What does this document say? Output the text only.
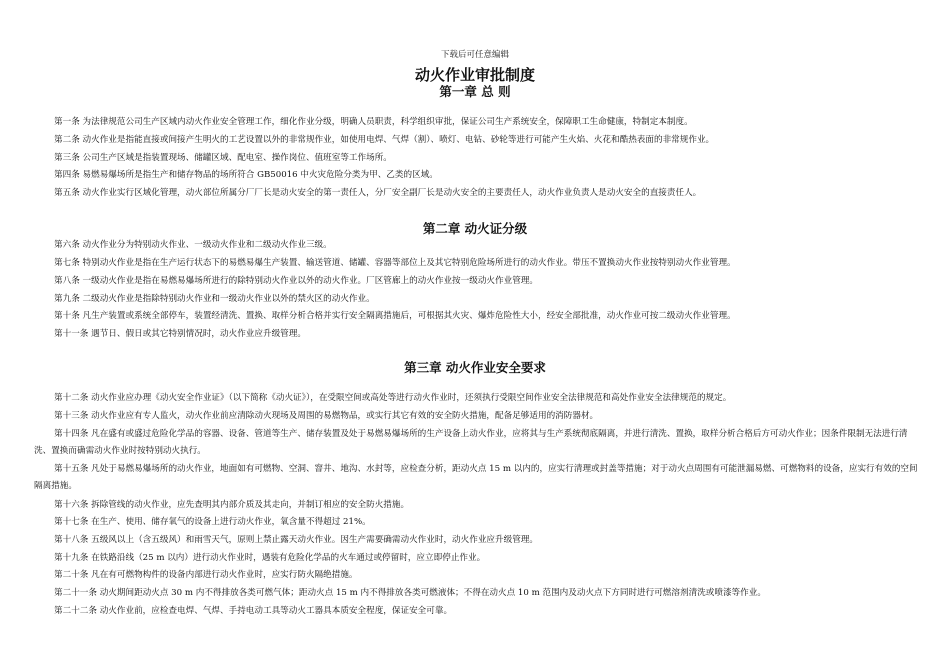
下载后可任意编辑
动火作业审批制度
第一章 总 则

第一条 为法律规范公司生产区域内动火作业安全管理工作，细化作业分级，明确人员职责，科学组织审批，保证公司生产系统安全，保障职工生命健康，特制定本制度。

第二条 动火作业是指能直接或间接产生明火的工艺设置以外的非常规作业，如使用电焊、气焊（割）、喷灯、电钻、砂轮等进行可能产生火焰、火花和酷热表面的非常规作业。

第三条 公司生产区域是指装置现场、储罐区域、配电室、操作岗位、值班室等工作场所。

第四条 易燃易爆场所是指生产和储存物品的场所符合 GB50016 中火灾危险分类为甲、乙类的区域。

第五条 动火作业实行区域化管理，动火部位所属分厂厂长是动火安全的第一责任人，分厂安全副厂长是动火安全的主要责任人，动火作业负责人是动火安全的直接责任人。

第二章 动火证分级

第六条 动火作业分为特别动火作业、一级动火作业和二级动火作业三级。

第七条 特别动火作业是指在生产运行状态下的易燃易爆生产装置、输送管道、储罐、容器等部位上及其它特别危险场所进行的动火作业。带压不置换动火作业按特别动火作业管理。

第八条 一级动火作业是指在易燃易爆场所进行的除特别动火作业以外的动火作业。厂区管廊上的动火作业按一级动火作业管理。

第九条 二级动火作业是指除特别动火作业和一级动火作业以外的禁火区的动火作业。

第十条 凡生产装置或系统全部停车，装置经清洗、置换、取样分析合格并实行安全隔离措施后，可根据其火灾、爆炸危险性大小，经安全部批准，动火作业可按二级动火作业管理。

第十一条 遇节日、假日或其它特别情况时，动火作业应升级管理。

第三章 动火作业安全要求

第十二条 动火作业应办理《动火安全作业证》（以下简称《动火证》），在受限空间或高处等进行动火作业时，还须执行受限空间作业安全法律规范和高处作业安全法律规范的规定。

第十三条 动火作业应有专人监火，动火作业前应清除动火现场及周围的易燃物品，或实行其它有效的安全防火措施，配备足够适用的消防器材。

第十四条 凡在盛有或盛过危险化学品的容器、设备、管道等生产、储存装置及处于易燃易爆场所的生产设备上动火作业，应将其与生产系统彻底隔离，并进行清洗、置换，取样分析合格后方可动火作业；因条件限制无法进行清洗、置换而确需动火作业时按特别动火执行。

第十五条 凡处于易燃易爆场所的动火作业，地面如有可燃物、空洞、窨井、地沟、水封等，应检查分析，距动火点 15 m 以内的，应实行清理或封盖等措施；对于动火点周围有可能泄漏易燃、可燃物料的设备，应实行有效的空间隔离措施。

第十六条 拆除管线的动火作业，应先查明其内部介质及其走向，并制订相应的安全防火措施。

第十七条 在生产、使用、储存氧气的设备上进行动火作业，氧含量不得超过 21%。

第十八条 五级风以上（含五级风）和雨雪天气，原则上禁止露天动火作业。因生产需要确需动火作业时，动火作业应升级管理。

第十九条 在铁路沿线（25 m 以内）进行动火作业时，遇装有危险化学品的火车通过或停留时，应立即停止作业。

第二十条 凡在有可燃物构件的设备内部进行动火作业时，应实行防火隔绝措施。

第二十一条 动火期间距动火点 30 m 内不得排放各类可燃气体；距动火点 15 m 内不得排放各类可燃液体；不得在动火点 10 m 范围内及动火点下方同时进行可燃溶剂清洗或喷漆等作业。

第二十二条 动火作业前，应检查电焊、气焊、手持电动工具等动火工器具本质安全程度，保证安全可靠。
